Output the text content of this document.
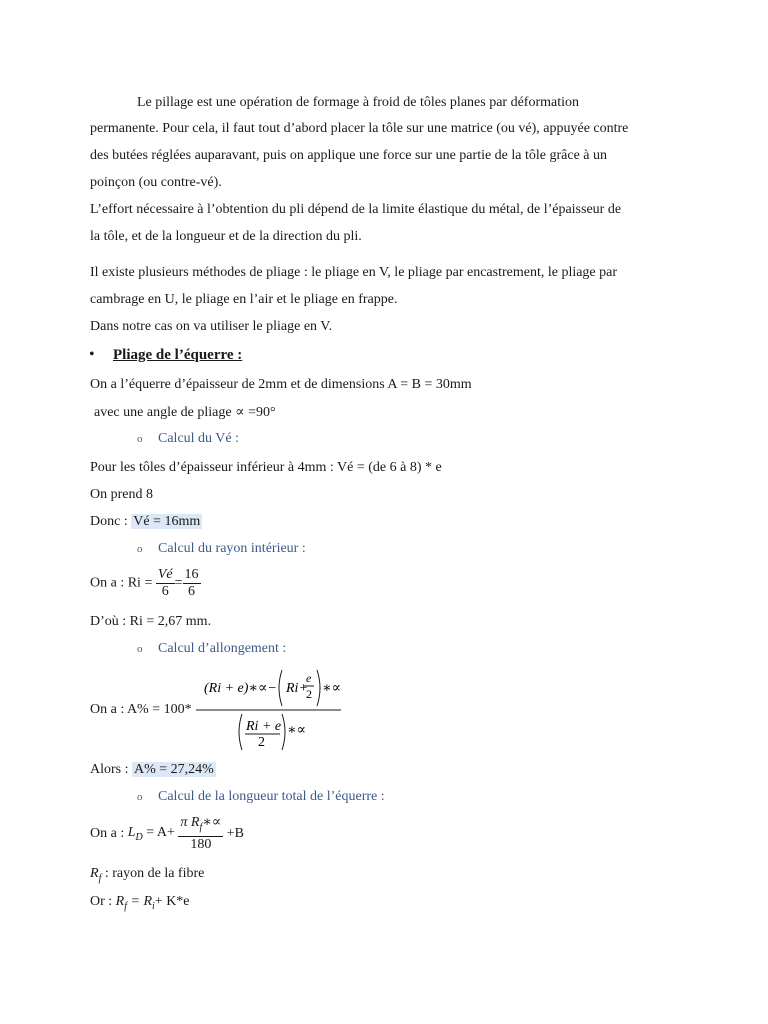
Le pillage est une opération de formage à froid de tôles planes par déformation
permanente. Pour cela, il faut tout d’abord placer la tôle sur une matrice (ou vé), appuyée contre
des butées réglées auparavant, puis on applique une force sur une partie de la tôle grâce à un
poinçon (ou contre-vé).
L’effort nécessaire à l’obtention du pli dépend de la limite élastique du métal, de l’épaisseur de
la tôle, et de la longueur et de la direction du pli.
Il existe plusieurs méthodes de pliage : le pliage en V, le pliage par encastrement, le pliage par
cambrage en U, le pliage en l’air et le pliage en frappe.
Dans notre cas on va utiliser le pliage en V.
• Pliage de l’équerre :
On a l’équerre d’épaisseur de 2mm et de dimensions A = B = 30mm
avec une angle de pliage ∝ =90°
o Calcul du Vé :
Pour les tôles d’épaisseur inférieur à 4mm : Vé = (de 6 à 8) * e
On prend 8
Donc : Vé = 16mm
o Calcul du rayon intérieur :
On a : $Ri = \frac{Vé}{6} = \frac{16}{6}$
D’où : Ri = 2,67 mm.
o Calcul d’allongement :
On a : A% = 100*
(Ri + e)∗∝− Ri+
e
2 ∗∝
Ri + e
2
∗∝
Alors : A% = 27,24%
o Calcul de la longueur total de l’équerre :
On a : $L_D = A+ \frac{\pi R_f∗\propto}{180} +B$
$R_f$ : rayon de la fibre
Or : $R_f = R_i+ K*e$
